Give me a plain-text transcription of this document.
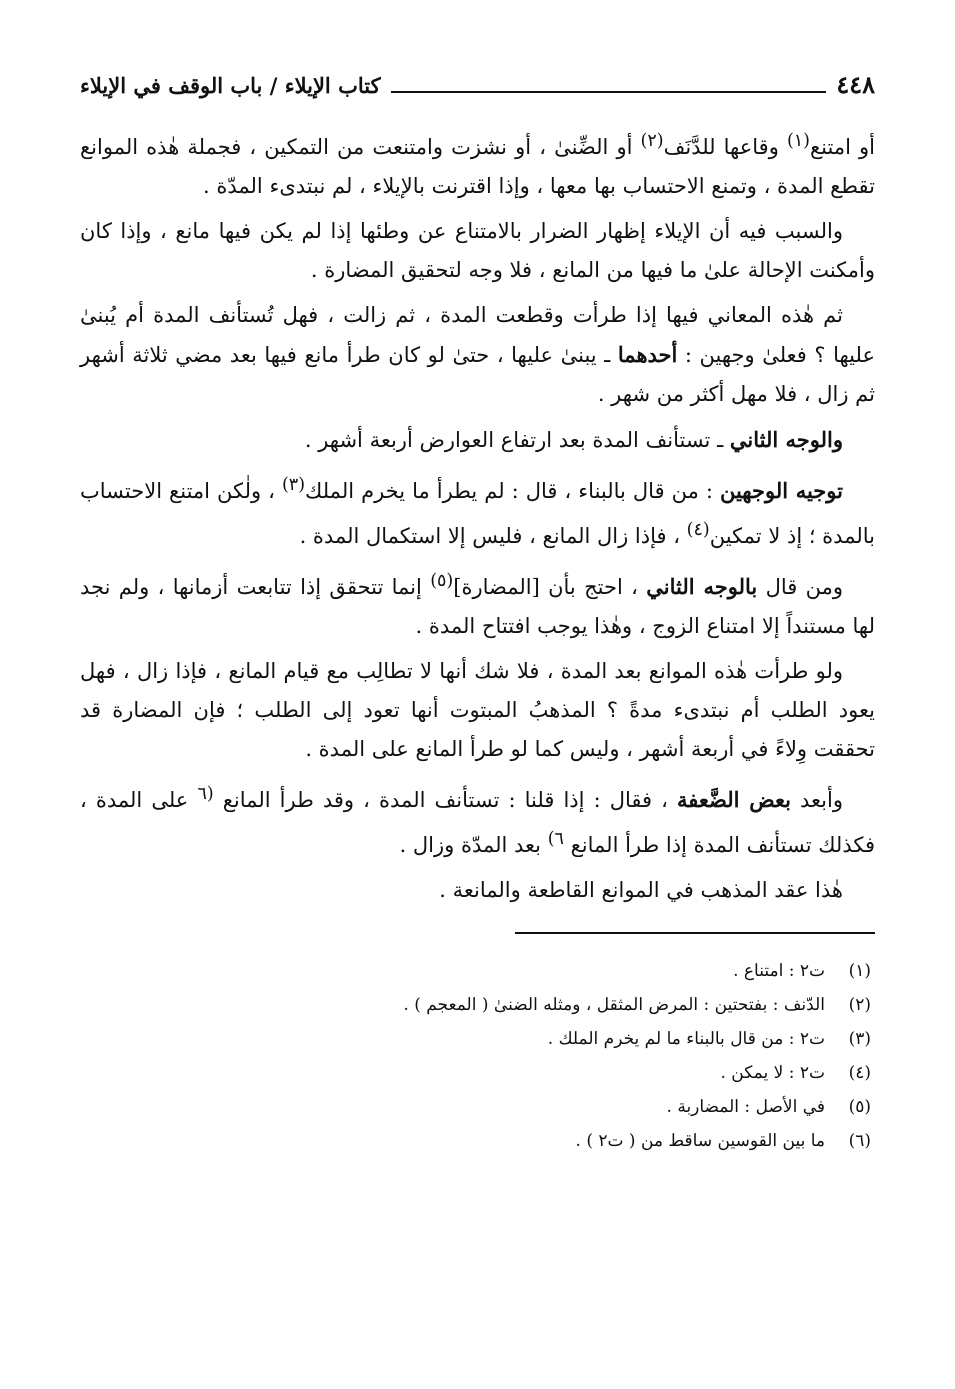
٤٤٨
كتاب الإيلاء / باب الوقف في الإيلاء

أو امتنع$^{(١)}$ وقاعها للدَّنَف$^{(٢)}$ أو الضِّنىٰ ، أو نشزت وامتنعت من التمكين ، فجملة هٰذه الموانع تقطع المدة ، وتمنع الاحتساب بها معها ، وإذا اقترنت بالإيلاء ، لم نبتدىء المدّة .

والسبب فيه أن الإيلاء إظهار الضرار بالامتناع عن وطئها إذا لم يكن فيها مانع ، وإذا كان وأمكنت الإحالة علىٰ ما فيها من المانع ، فلا وجه لتحقيق المضارة .

ثم هٰذه المعاني فيها إذا طرأت وقطعت المدة ، ثم زالت ، فهل تُستأنف المدة أم يُبنىٰ عليها ؟ فعلىٰ وجهين : أحدهما ـ يبنىٰ عليها ، حتىٰ لو كان طرأ مانع فيها بعد مضي ثلاثة أشهر ثم زال ، فلا مهل أكثر من شهر .

والوجه الثاني ـ تستأنف المدة بعد ارتفاع العوارض أربعة أشهر .

توجيه الوجهين : من قال بالبناء ، قال : لم يطرأ ما يخرم الملك$^{(٣)}$ ، ولٰكن امتنع الاحتساب بالمدة ؛ إذ لا تمكين$^{(٤)}$ ، فإذا زال المانع ، فليس إلا استكمال المدة .

ومن قال بالوجه الثاني ، احتج بأن [المضارة]$^{(٥)}$ إنما تتحقق إذا تتابعت أزمانها ، ولم نجد لها مستنداً إلا امتناع الزوج ، وهٰذا يوجب افتتاح المدة .

ولو طرأت هٰذه الموانع بعد المدة ، فلا شك أنها لا تطالِب مع قيام المانع ، فإذا زال ، فهل يعود الطلب أم نبتدىء مدةً ؟ المذهبُ المبتوت أنها تعود إلى الطلب ؛ فإن المضارة قد تحققت وِلاءً في أربعة أشهر ، وليس كما لو طرأ المانع على المدة .

وأبعد بعض الضَّعفة ، فقال : إذا قلنا : تستأنف المدة ، وقد طرأ المانع $^{(٦}$ على المدة ، فكذلك تستأنف المدة إذا طرأ المانع $^{٦)}$ بعد المدّة وزال .

هٰذا عقد المذهب في الموانع القاطعة والمانعة .

(١)
ت٢ : امتناع .
(٢)
الدّنف : بفتحتين : المرض المثقل ، ومثله الضنىٰ ( المعجم ) .
(٣)
ت٢ : من قال بالبناء ما لم يخرم الملك .
(٤)
ت٢ : لا يمكن .
(٥)
في الأصل : المضاربة .
(٦)
ما بين القوسين ساقط من ( ت٢ ) .
